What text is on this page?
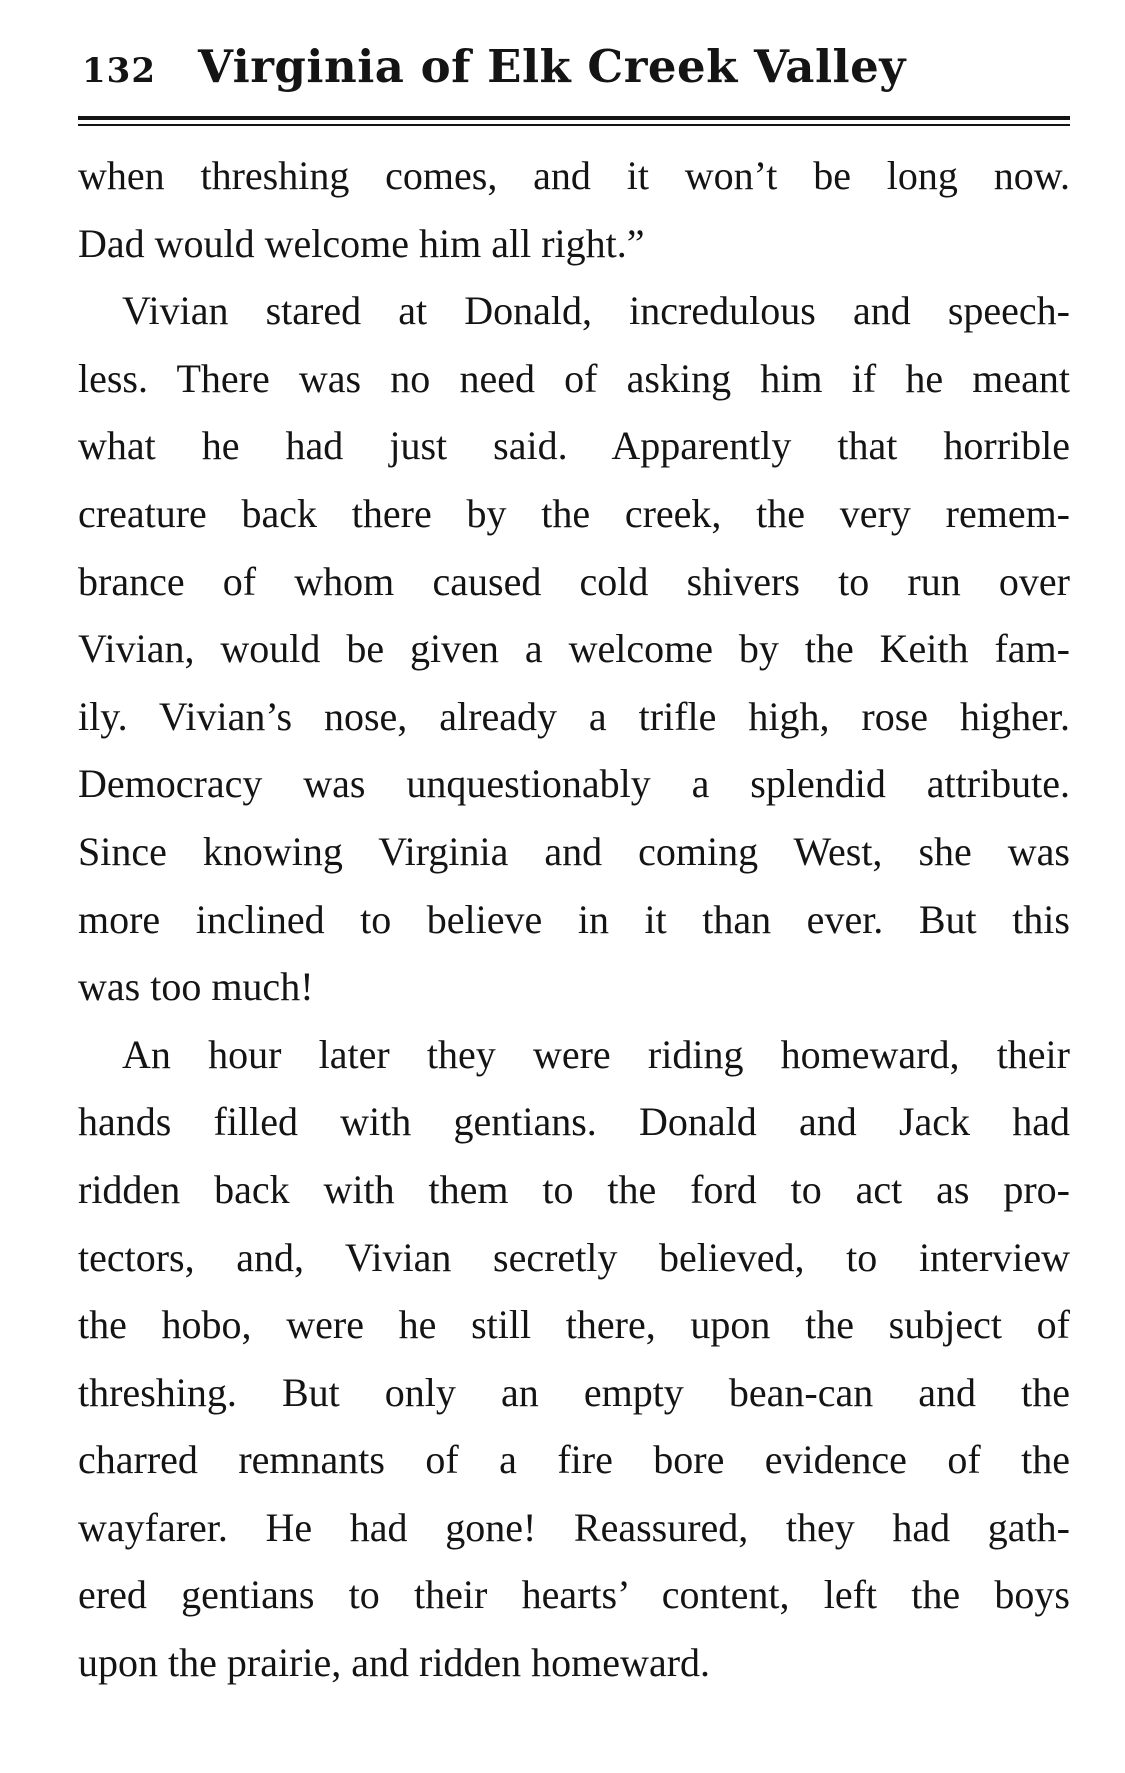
132 Virginia of Elk Creek Valley
when threshing comes, and it won’t be long now.
Dad would welcome him all right.”
Vivian stared at Donald, incredulous and speech-
less. There was no need of asking him if he meant
what he had just said. Apparently that horrible
creature back there by the creek, the very remem-
brance of whom caused cold shivers to run over
Vivian, would be given a welcome by the Keith fam-
ily. Vivian’s nose, already a trifle high, rose higher.
Democracy was unquestionably a splendid attribute.
Since knowing Virginia and coming West, she was
more inclined to believe in it than ever. But this
was too much!
An hour later they were riding homeward, their
hands filled with gentians. Donald and Jack had
ridden back with them to the ford to act as pro-
tectors, and, Vivian secretly believed, to interview
the hobo, were he still there, upon the subject of
threshing. But only an empty bean-can and the
charred remnants of a fire bore evidence of the
wayfarer. He had gone! Reassured, they had gath-
ered gentians to their hearts’ content, left the boys
upon the prairie, and ridden homeward.
